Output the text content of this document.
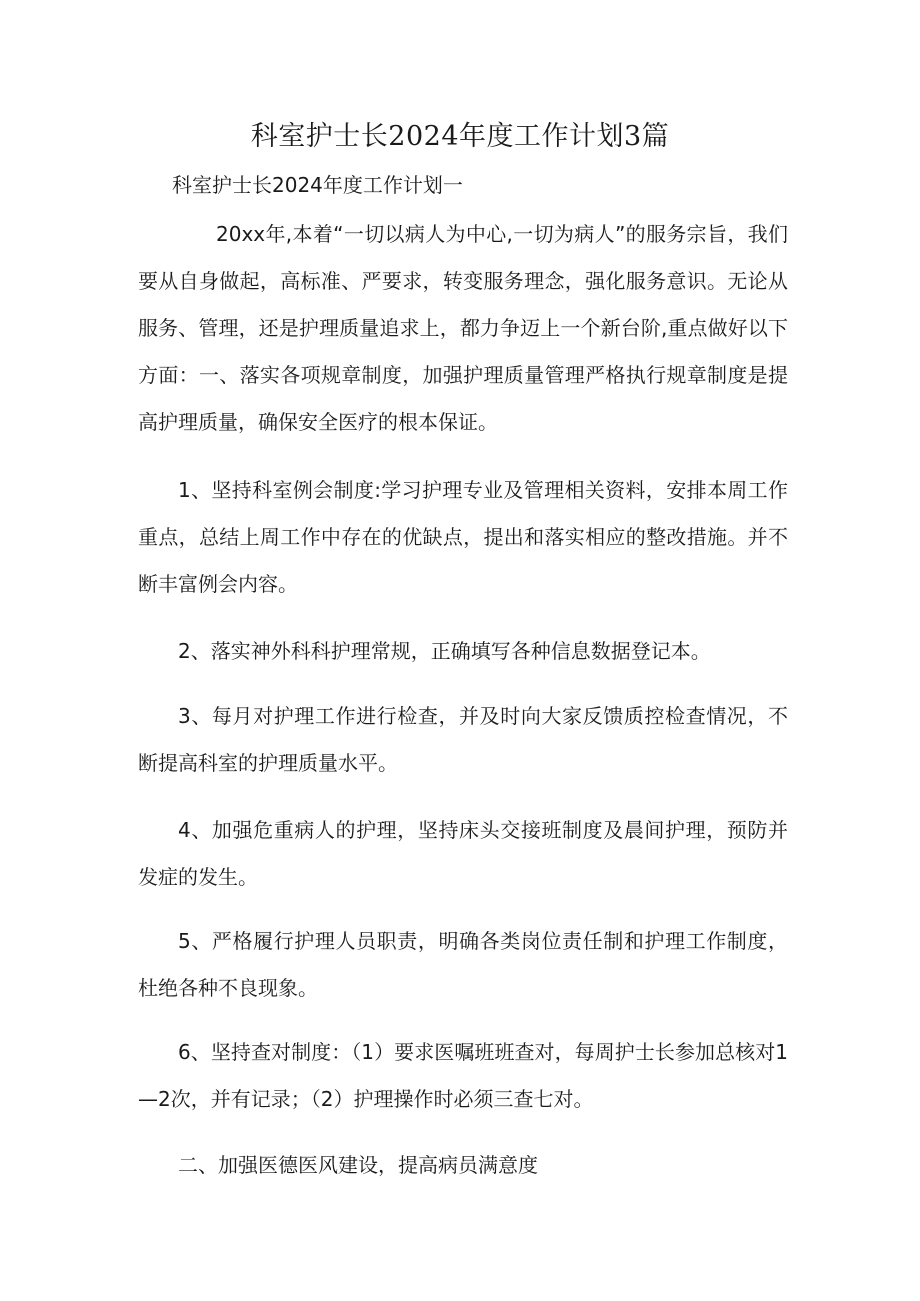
科室护士长2024年度工作计划3篇
科室护士长2024年度工作计划一

20xx年,本着“一切以病人为中心,一切为病人”的服务宗旨，我们要从自身做起，高标准、严要求，转变服务理念，强化服务意识。无论从服务、管理，还是护理质量追求上，都力争迈上一个新台阶,重点做好以下方面：一、落实各项规章制度，加强护理质量管理严格执行规章制度是提高护理质量，确保安全医疗的根本保证。

1、坚持科室例会制度:学习护理专业及管理相关资料，安排本周工作重点，总结上周工作中存在的优缺点，提出和落实相应的整改措施。并不断丰富例会内容。

2、落实神外科科护理常规，正确填写各种信息数据登记本。

3、每月对护理工作进行检查，并及时向大家反馈质控检查情况，不断提高科室的护理质量水平。

4、加强危重病人的护理，坚持床头交接班制度及晨间护理，预防并发症的发生。

5、严格履行护理人员职责，明确各类岗位责任制和护理工作制度，杜绝各种不良现象。

6、坚持查对制度：（1）要求医嘱班班查对，每周护士长参加总核对1—2次，并有记录；（2）护理操作时必须三查七对。

二、加强医德医风建设，提高病员满意度
